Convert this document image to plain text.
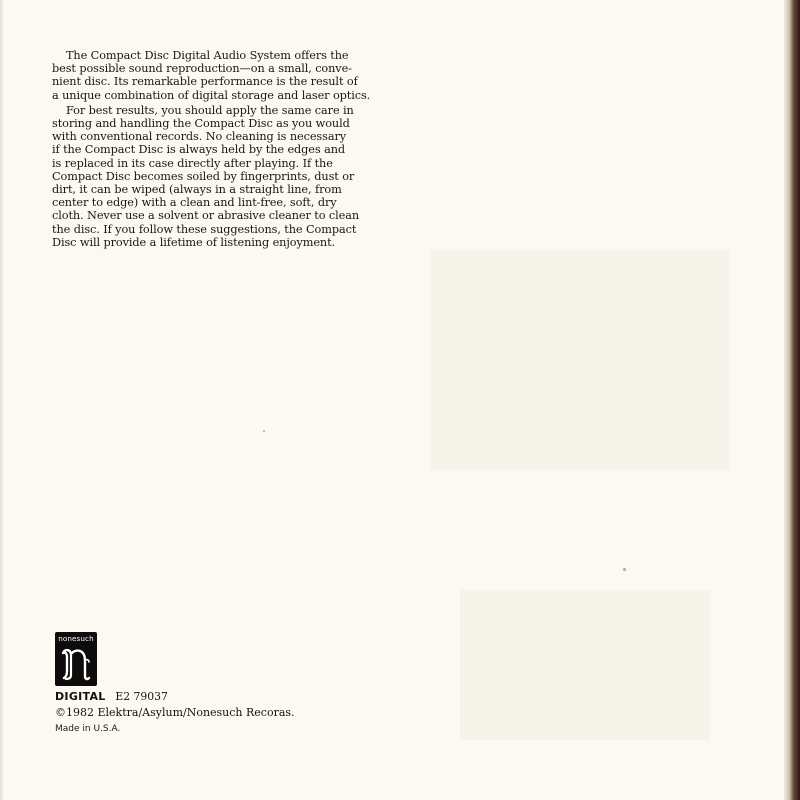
The Compact Disc Digital Audio System offers the
best possible sound reproduction—on a small, conve-
nient disc. Its remarkable performance is the result of
a unique combination of digital storage and laser optics.

For best results, you should apply the same care in
storing and handling the Compact Disc as you would
with conventional records. No cleaning is necessary
if the Compact Disc is always held by the edges and
is replaced in its case directly after playing. If the
Compact Disc becomes soiled by fingerprints, dust or
dirt, it can be wiped (always in a straight line, from
center to edge) with a clean and lint-free, soft, dry
cloth. Never use a solvent or abrasive cleaner to clean
the disc. If you follow these suggestions, the Compact
Disc will provide a lifetime of listening enjoyment.

nonesuch
DIGITAL E2 79037
©1982 Elektra/Asylum/Nonesuch Recoras.
Made in U.S.A.
